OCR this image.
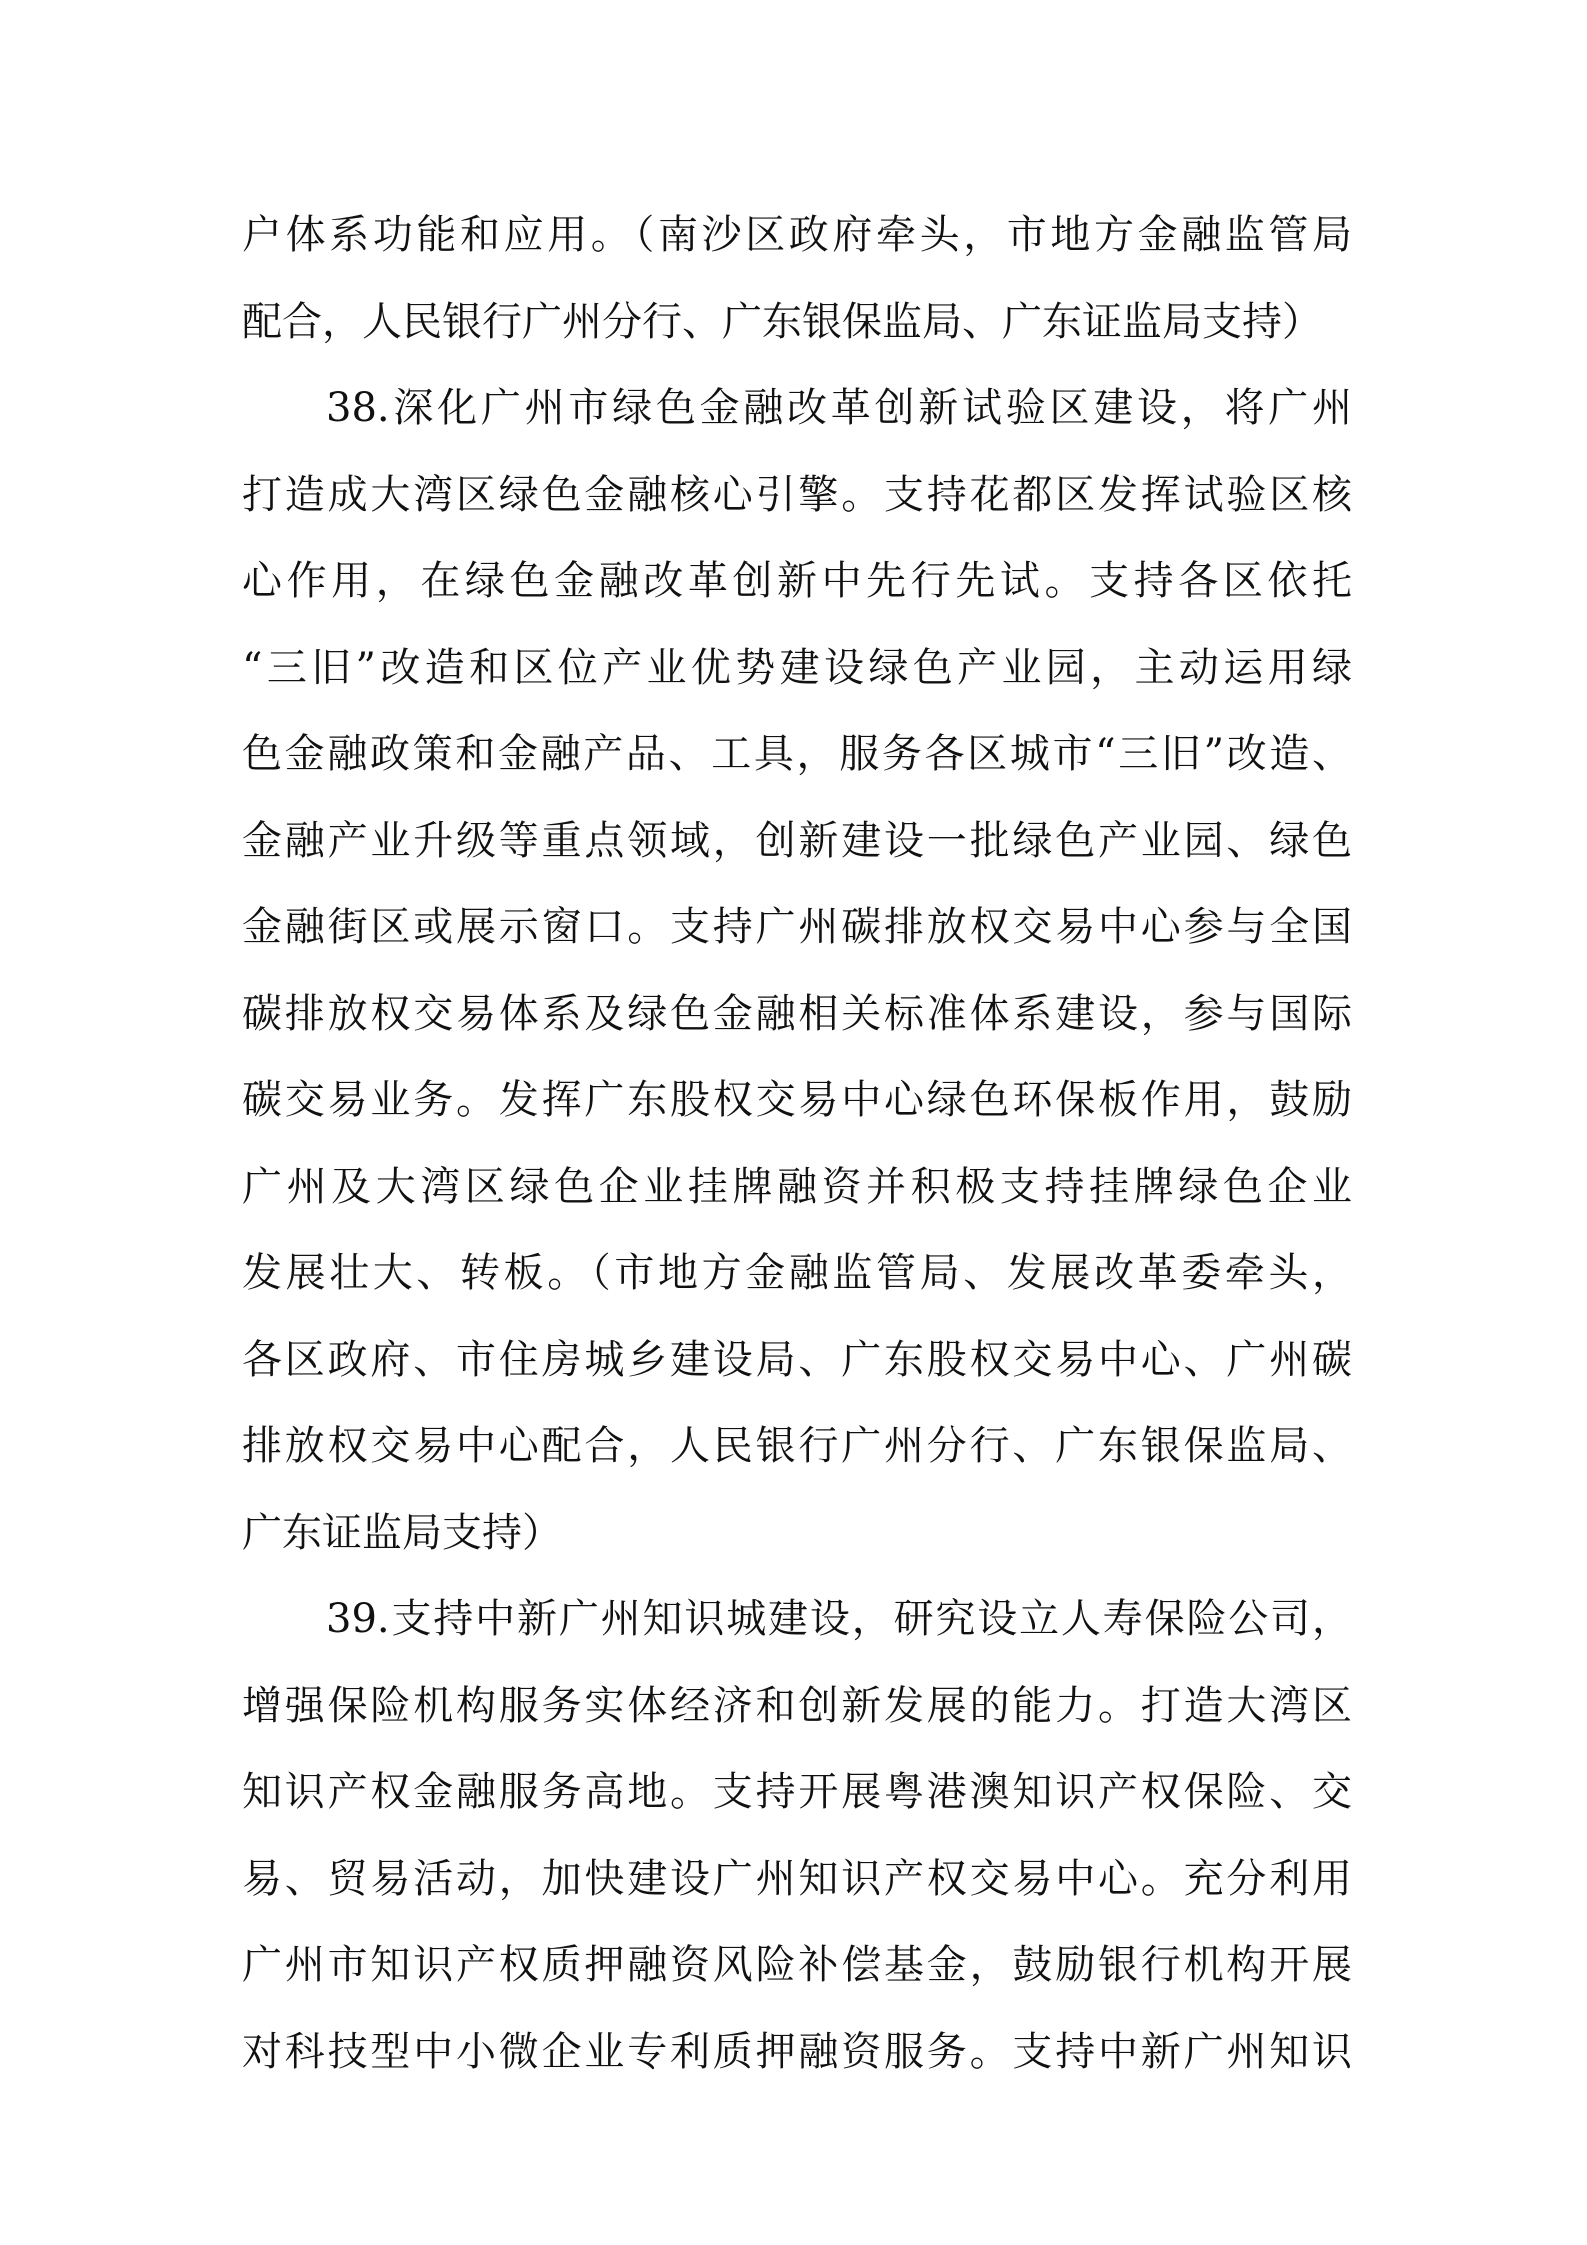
户体系功能和应用。（南沙区政府牵头，市地方金融监管局
配合，人民银行广州分行、广东银保监局、广东证监局支持）
38.深化广州市绿色金融改革创新试验区建设，将广州
打造成大湾区绿色金融核心引擎。支持花都区发挥试验区核
心作用，在绿色金融改革创新中先行先试。支持各区依托
“三旧”改造和区位产业优势建设绿色产业园，主动运用绿
色金融政策和金融产品、工具，服务各区城市“三旧”改造、
金融产业升级等重点领域，创新建设一批绿色产业园、绿色
金融街区或展示窗口。支持广州碳排放权交易中心参与全国
碳排放权交易体系及绿色金融相关标准体系建设，参与国际
碳交易业务。发挥广东股权交易中心绿色环保板作用，鼓励
广州及大湾区绿色企业挂牌融资并积极支持挂牌绿色企业
发展壮大、转板。（市地方金融监管局、发展改革委牵头，
各区政府、市住房城乡建设局、广东股权交易中心、广州碳
排放权交易中心配合，人民银行广州分行、广东银保监局、
广东证监局支持）
39.支持中新广州知识城建设，研究设立人寿保险公司，
增强保险机构服务实体经济和创新发展的能力。打造大湾区
知识产权金融服务高地。支持开展粤港澳知识产权保险、交
易、贸易活动，加快建设广州知识产权交易中心。充分利用
广州市知识产权质押融资风险补偿基金，鼓励银行机构开展
对科技型中小微企业专利质押融资服务。支持中新广州知识
